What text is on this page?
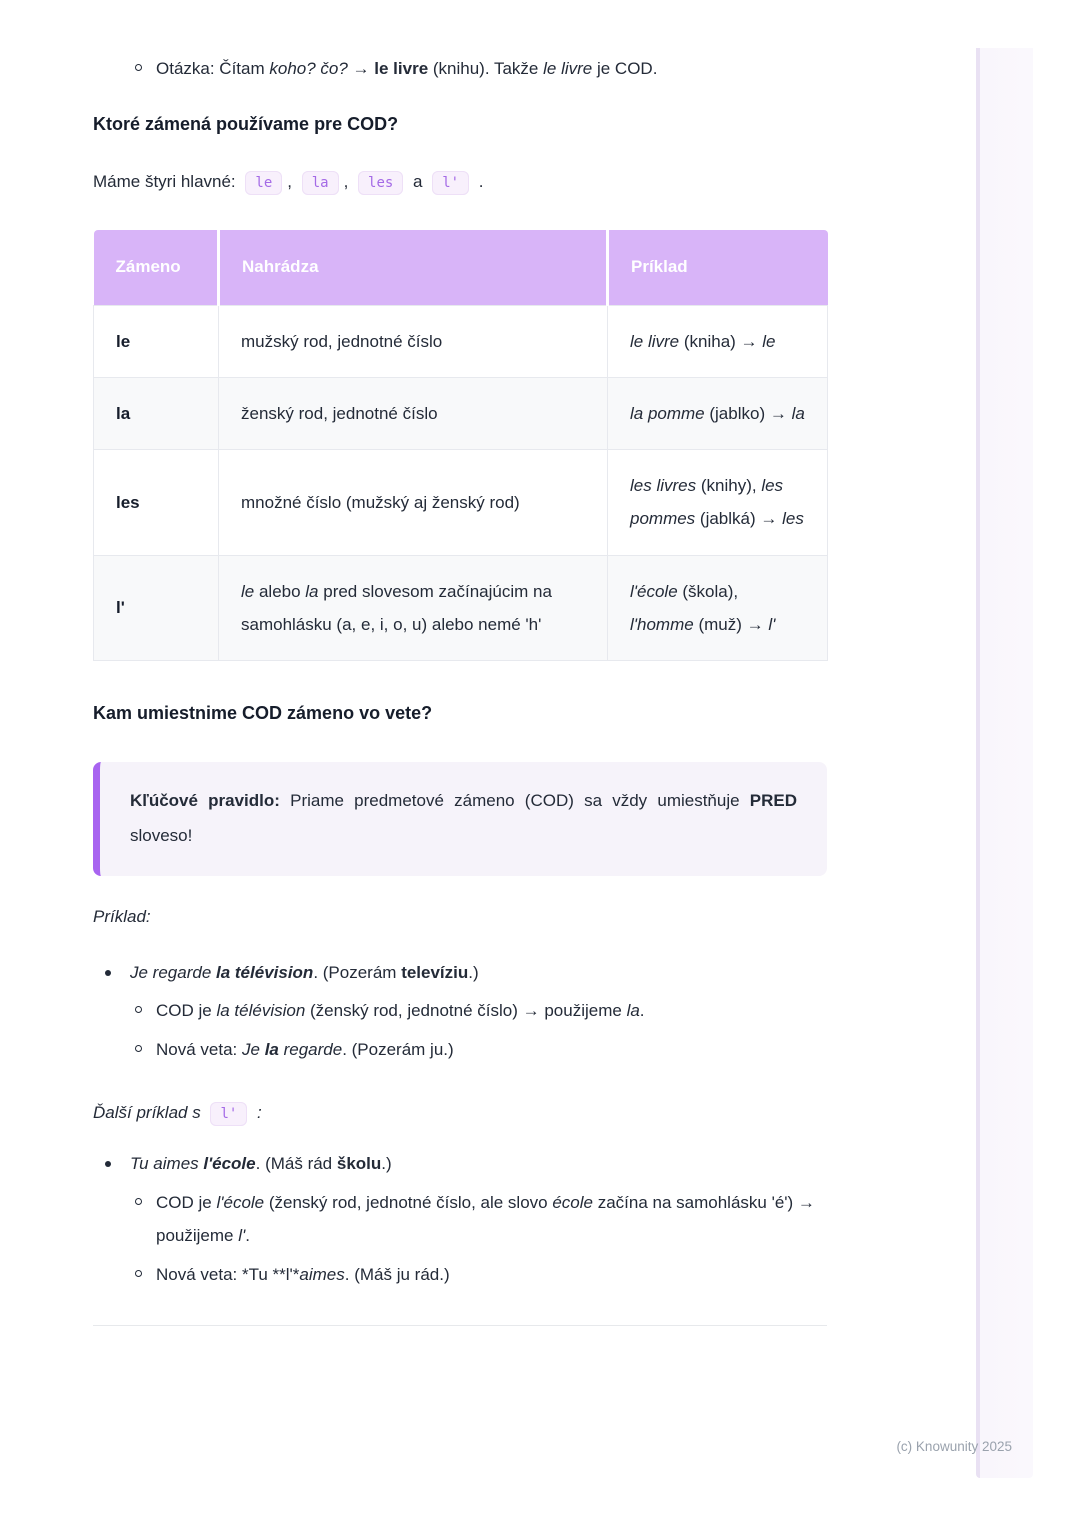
Otázka: Čítam koho? čo? → le livre (knihu). Takže le livre je COD.
Ktoré zámená používame pre COD?

Máme štyri hlavné: le , la , les a l' .

Zámeno	Nahrádza	Príklad
le	mužský rod, jednotné číslo	le livre (kniha) → le
la	ženský rod, jednotné číslo	la pomme (jablko) → la
les	množné číslo (mužský aj ženský rod)	les livres (knihy), les pommes (jablká) → les
l'	le alebo la pred slovesom začínajúcim na samohlásku (a, e, i, o, u) alebo nemé 'h'	l'école (škola), l'homme (muž) → l'
Kam umiestnime COD zámeno vo vete?
Kľúčové pravidlo: Priame predmetové zámeno (COD) sa vždy umiestňuje PRED sloveso!

Príklad:

Je regarde la télévision. (Pozerám televíziu.)
COD je la télévision (ženský rod, jednotné číslo) → použijeme la.
Nová veta: Je la regarde. (Pozerám ju.)

Ďalší príklad s l' :

Tu aimes l'école. (Máš rád školu.)
COD je l'école (ženský rod, jednotné číslo, ale slovo école začína na samohlásku 'é') → použijeme l'.
Nová veta: *Tu **l'*aimes. (Máš ju rád.)
(c) Knowunity 2025
